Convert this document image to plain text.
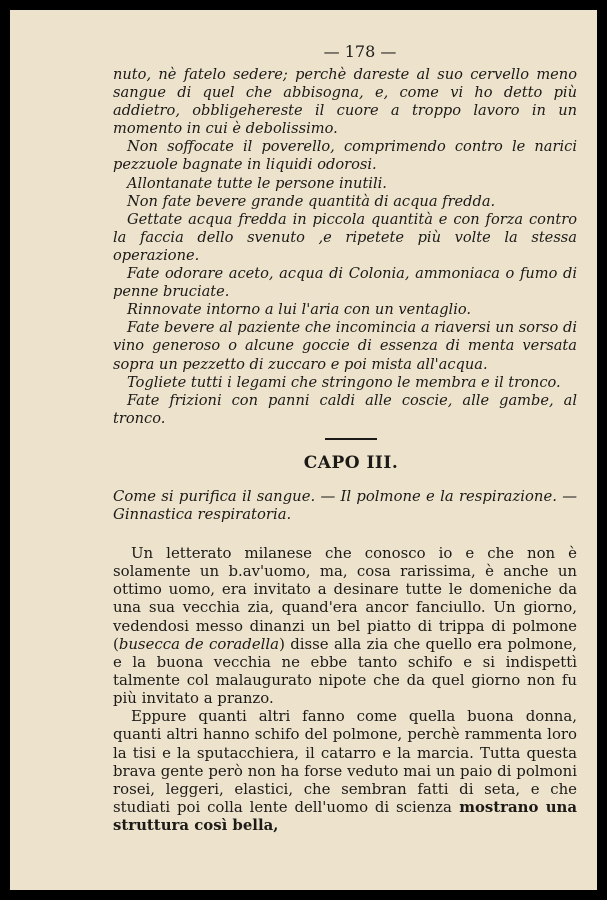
— 178 —

nuto, nè fatelo sedere; perchè dareste al suo cervello meno sangue di quel che abbisogna, e, come vi ho detto più addietro, obbligehereste il cuore a troppo lavoro in un momento in cui è debolissimo.

Non soffocate il poverello, comprimendo contro le narici pezzuole bagnate in liquidi odorosi.

Allontanate tutte le persone inutili.

Non fate bevere grande quantità di acqua fredda.

Gettate acqua fredda in piccola quantità e con forza contro la faccia dello svenuto ,e ripetete più volte la stessa operazione.

Fate odorare aceto, acqua di Colonia, ammoniaca o fumo di penne bruciate.

Rinnovate intorno a lui l'aria con un ventaglio.

Fate bevere al paziente che incomincia a riaversi un sorso di vino generoso o alcune goccie di essenza di menta versata sopra un pezzetto di zuccaro e poi mista all'acqua.

Togliete tutti i legami che stringono le membra e il tronco.

Fate frizioni con panni caldi alle coscie, alle gambe, al tronco.

CAPO III.

Come si purifica il sangue. — Il polmone e la respirazione. — Ginnastica respiratoria.

Un letterato milanese che conosco io e che non è solamente un b.av'uomo, ma, cosa rarissima, è anche un ottimo uomo, era invitato a desinare tutte le domeniche da una sua vecchia zia, quand'era ancor fanciullo. Un giorno, vedendosi messo dinanzi un bel piatto di trippa di polmone (busecca de coradella) disse alla zia che quello era polmone, e la buona vecchia ne ebbe tanto schifo e si indispettì talmente col malaugurato nipote che da quel giorno non fu più invitato a pranzo.

Eppure quanti altri fanno come quella buona donna, quanti altri hanno schifo del polmone, perchè rammenta loro la tisi e la sputacchiera, il catarro e la marcia. Tutta questa brava gente però non ha forse veduto mai un paio di polmoni rosei, leggeri, elastici, che sembran fatti di seta, e che studiati poi colla lente dell'uomo di scienza mostrano una struttura così bella,
